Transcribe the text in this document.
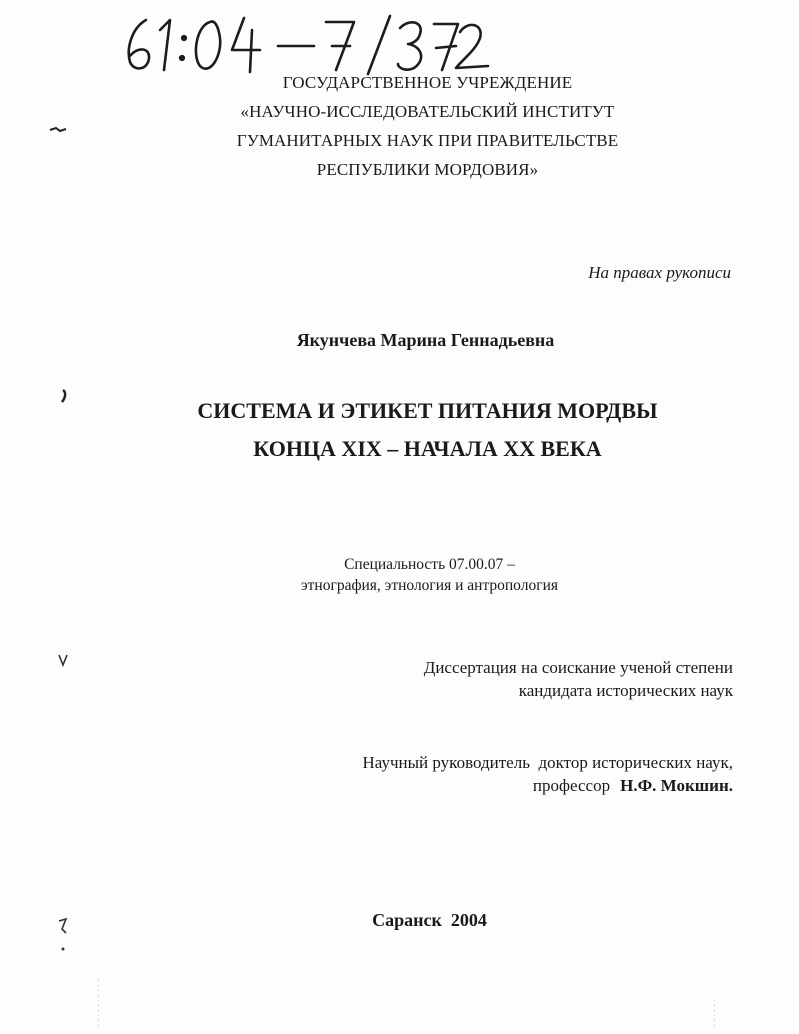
ГОСУДАРСТВЕННОЕ УЧРЕЖДЕНИЕ
«НАУЧНО-ИССЛЕДОВАТЕЛЬСКИЙ ИНСТИТУТ
ГУМАНИТАРНЫХ НАУК ПРИ ПРАВИТЕЛЬСТВЕ
РЕСПУБЛИКИ МОРДОВИЯ»
На правах рукописи
Якунчева Марина Геннадьевна
СИСТЕМА И ЭТИКЕТ ПИТАНИЯ МОРДВЫ
КОНЦА XIX – НАЧАЛА XX ВЕКА
Специальность 07.00.07 –
этнография, этнология и антропология
Диссертация на соискание ученой степени
кандидата исторических наук
Научный руководитель  доктор исторических наук,
профессор Н.Ф. Мокшин.
Саранск  2004
